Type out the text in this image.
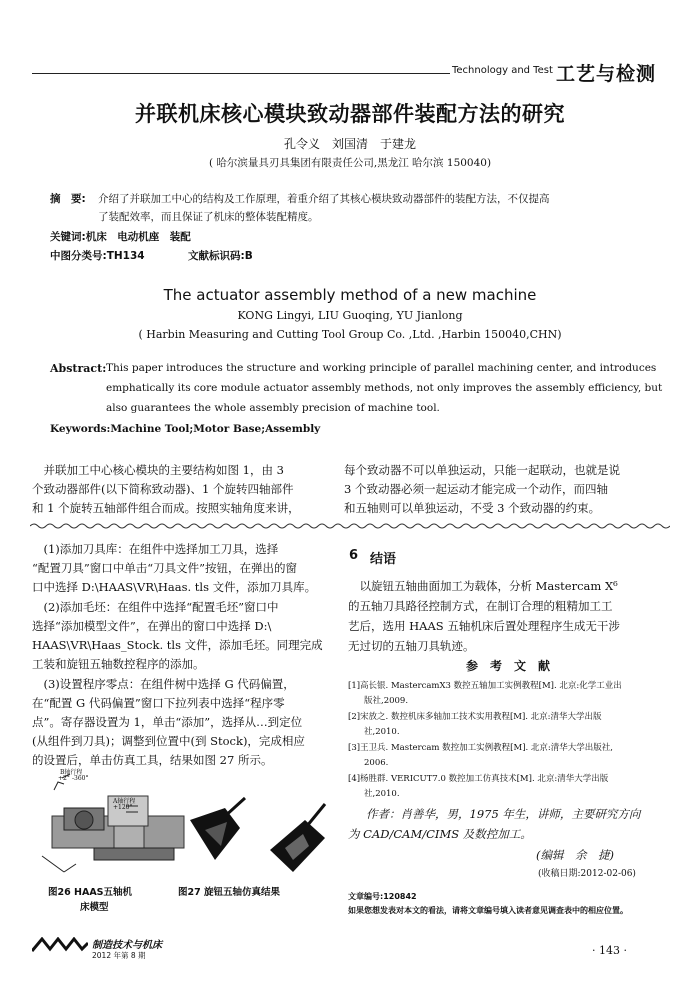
Technology and Test 工艺与检测
并联机床核心模块致动器部件装配方法的研究
孔令义　刘国清　于建龙
( 哈尔滨量具刃具集团有限责任公司,黑龙江 哈尔滨 150040)
摘　要: 介绍了并联加工中心的结构及工作原理，着重介绍了其核心模块致动器部件的装配方法，不仅提高
了装配效率，而且保证了机床的整体装配精度。
关键词:机床　电动机座　装配
中图分类号:TH134	文献标识码:B
The actuator assembly method of a new machine
KONG Lingyi, LIU Guoqing, YU Jianlong
( Harbin Measuring and Cutting Tool Group Co. ,Ltd. ,Harbin 150040,CHN)
Abstract: This paper introduces the structure and working principle of parallel machining center, and introduces
emphatically its core module actuator assembly methods, not only improves the assembly efficiency, but
also guarantees the whole assembly precision of machine tool.
Keywords:Machine Tool;Motor Base;Assembly
　并联加工中心核心模块的主要结构如图 1，由 3
个致动器部件(以下简称致动器)、1 个旋转四轴部件
和 1 个旋转五轴部件组合而成。按照实轴角度来讲，
每个致动器不可以单独运动，只能一起联动，也就是说
3 个致动器必须一起运动才能完成一个动作，而四轴
和五轴则可以单独运动，不受 3 个致动器的约束。
　(1)添加刀具库：在组件中选择加工刀具，选择
“配置刀具”窗口中单击“刀具文件”按钮，在弹出的窗
口中选择 D:\HAAS\VR\Haas. tls 文件，添加刀具库。
　(2)添加毛坯：在组件中选择“配置毛坯”窗口中
选择“添加模型文件”，在弹出的窗口中选择 D:\
HAAS\VR\Haas_Stock. tls 文件，添加毛坯。同理完成
工装和旋钮五轴数控程序的添加。
　(3)设置程序零点：在组件树中选择 G 代码偏置，
在“配置 G 代码偏置”窗口下拉列表中选择“程序零
点”。寄存器设置为 1，单击“添加”，选择从…到定位
(从组件到刀具)；调整到位置中(到 Stock)，完成相应
的设置后，单击仿真工具，结果如图 27 所示。
B轴行程
+2° -360°
A轴行程
+120°
图26 HAAS五轴机
床模型
图27 旋钮五轴仿真结果
6 结语
　以旋钮五轴曲面加工为载体，分析 Mastercam X⁶
的五轴刀具路径控制方式，在制订合理的粗精加工工
艺后，选用 HAAS 五轴机床后置处理程序生成无干涉
无过切的五轴刀具轨迹。
参　考　文　献
[1]高长银. MastercamX3 数控五轴加工实例教程[M]. 北京:化学工业出
版社,2009.
[2]宋放之. 数控机床多轴加工技术实用教程[M]. 北京:清华大学出版
社,2010.
[3]王卫兵. Mastercam 数控加工实例教程[M]. 北京:清华大学出版社,
2006.
[4]杨胜群. VERICUT7.0 数控加工仿真技术[M]. 北京:清华大学出版
社,2010.
作者：肖善华，男，1975 年生，讲师，主要研究方向
为 CAD/CAM/CIMS 及数控加工。
(编辑　余　捷)
(收稿日期:2012-02-06)
文章编号:120842
如果您想发表对本文的看法，请将文章编号填入读者意见调查表中的相应位置。
制造技术与机床
2012 年第 8 期	· 143 ·
